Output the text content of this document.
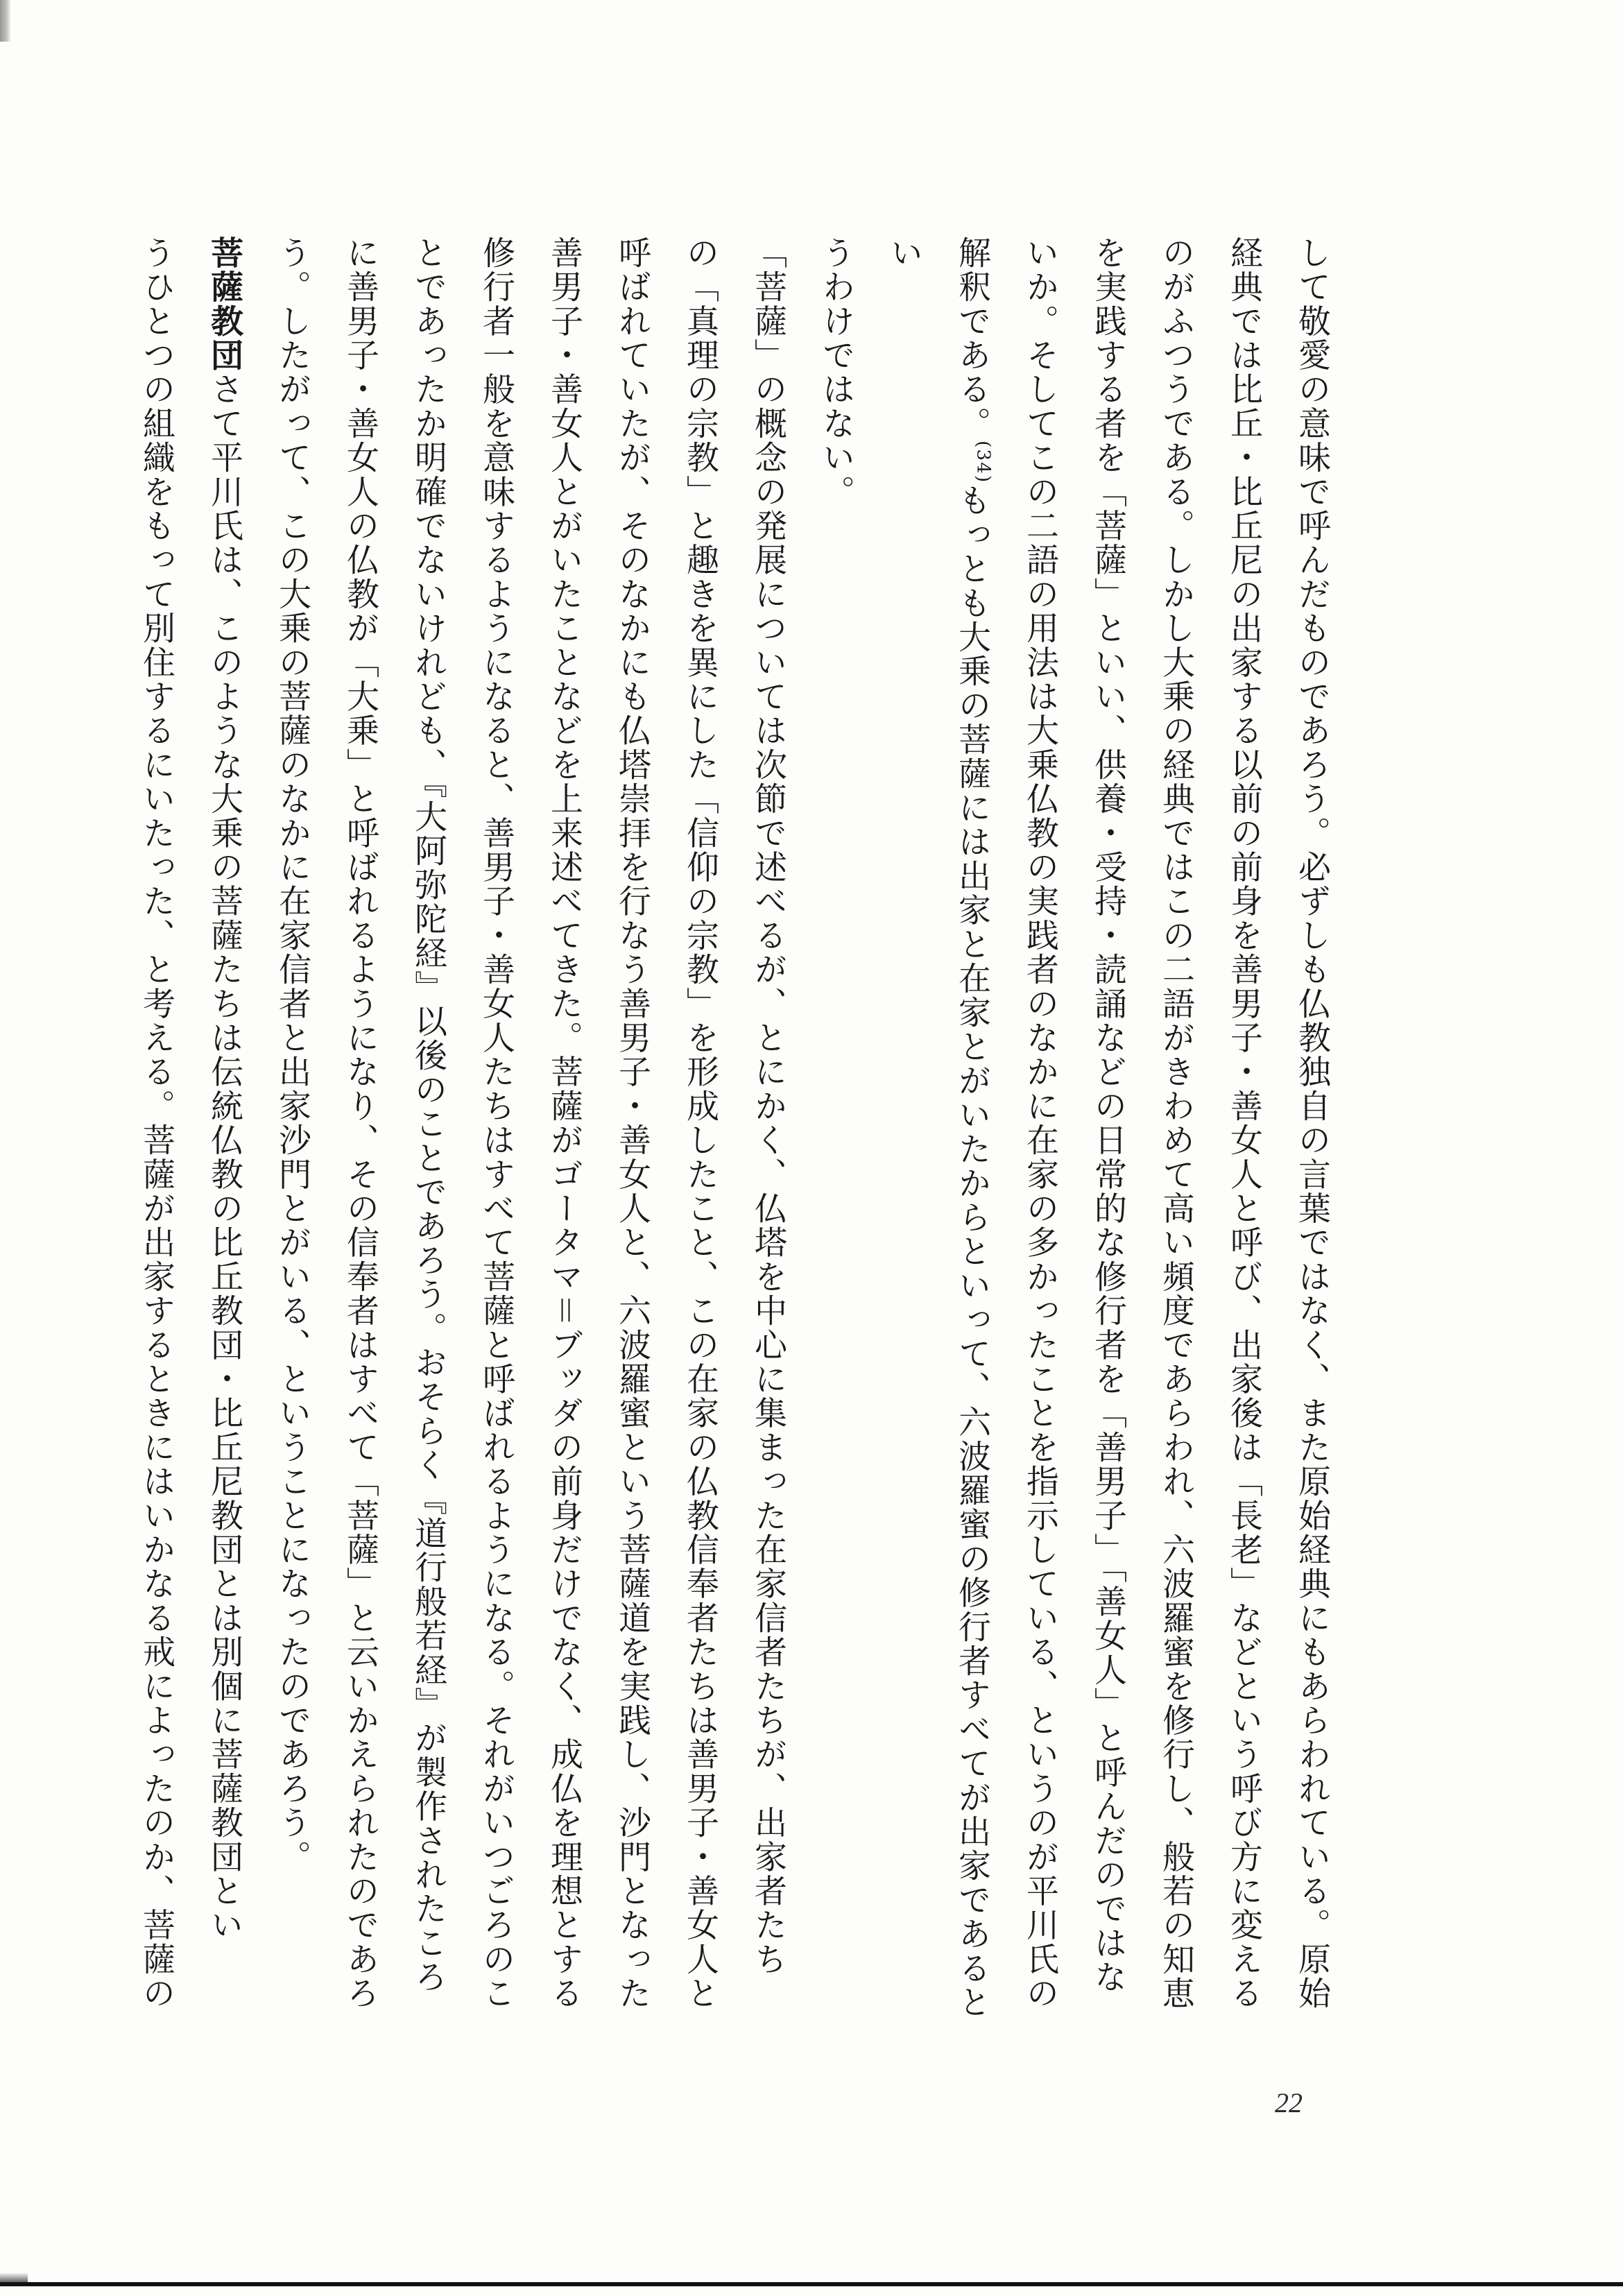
して敬愛の意味で呼んだものであろう。必ずしも仏教独自の言葉ではなく、また原始経典にもあらわれている。原始
経典では比丘・比丘尼の出家する以前の前身を善男子・善女人と呼び、出家後は「長老」などという呼び方に変える
のがふつうである。しかし大乗の経典ではこの二語がきわめて高い頻度であらわれ、六波羅蜜を修行し、般若の知恵
を実践する者を「菩薩」といい、供養・受持・読誦などの日常的な修行者を「善男子」「善女人」と呼んだのではな
いか。そしてこの二語の用法は大乗仏教の実践者のなかに在家の多かったことを指示している、というのが平川氏の
解釈である。$^{(34)}$もっとも大乗の菩薩には出家と在家とがいたからといって、六波羅蜜の修行者すべてが出家であるとい
うわけではない。
「菩薩」の概念の発展については次節で述べるが、とにかく、仏塔を中心に集まった在家信者たちが、出家者たち
の「真理の宗教」と趣きを異にした「信仰の宗教」を形成したこと、この在家の仏教信奉者たちは善男子・善女人と
呼ばれていたが、そのなかにも仏塔崇拝を行なう善男子・善女人と、六波羅蜜という菩薩道を実践し、沙門となった
善男子・善女人とがいたことなどを上来述べてきた。菩薩がゴータマ＝ブッダの前身だけでなく、成仏を理想とする
修行者一般を意味するようになると、善男子・善女人たちはすべて菩薩と呼ばれるようになる。それがいつごろのこ
とであったか明確でないけれども、『大阿弥陀経』以後のことであろう。おそらく『道行般若経』が製作されたころ
に善男子・善女人の仏教が「大乗」と呼ばれるようになり、その信奉者はすべて「菩薩」と云いかえられたのであろ
う。したがって、この大乗の菩薩のなかに在家信者と出家沙門とがいる、ということになったのであろう。
菩薩教団さて平川氏は、このような大乗の菩薩たちは伝統仏教の比丘教団・比丘尼教団とは別個に菩薩教団とい
うひとつの組織をもって別住するにいたった、と考える。菩薩が出家するときにはいかなる戒によったのか、菩薩の
22
